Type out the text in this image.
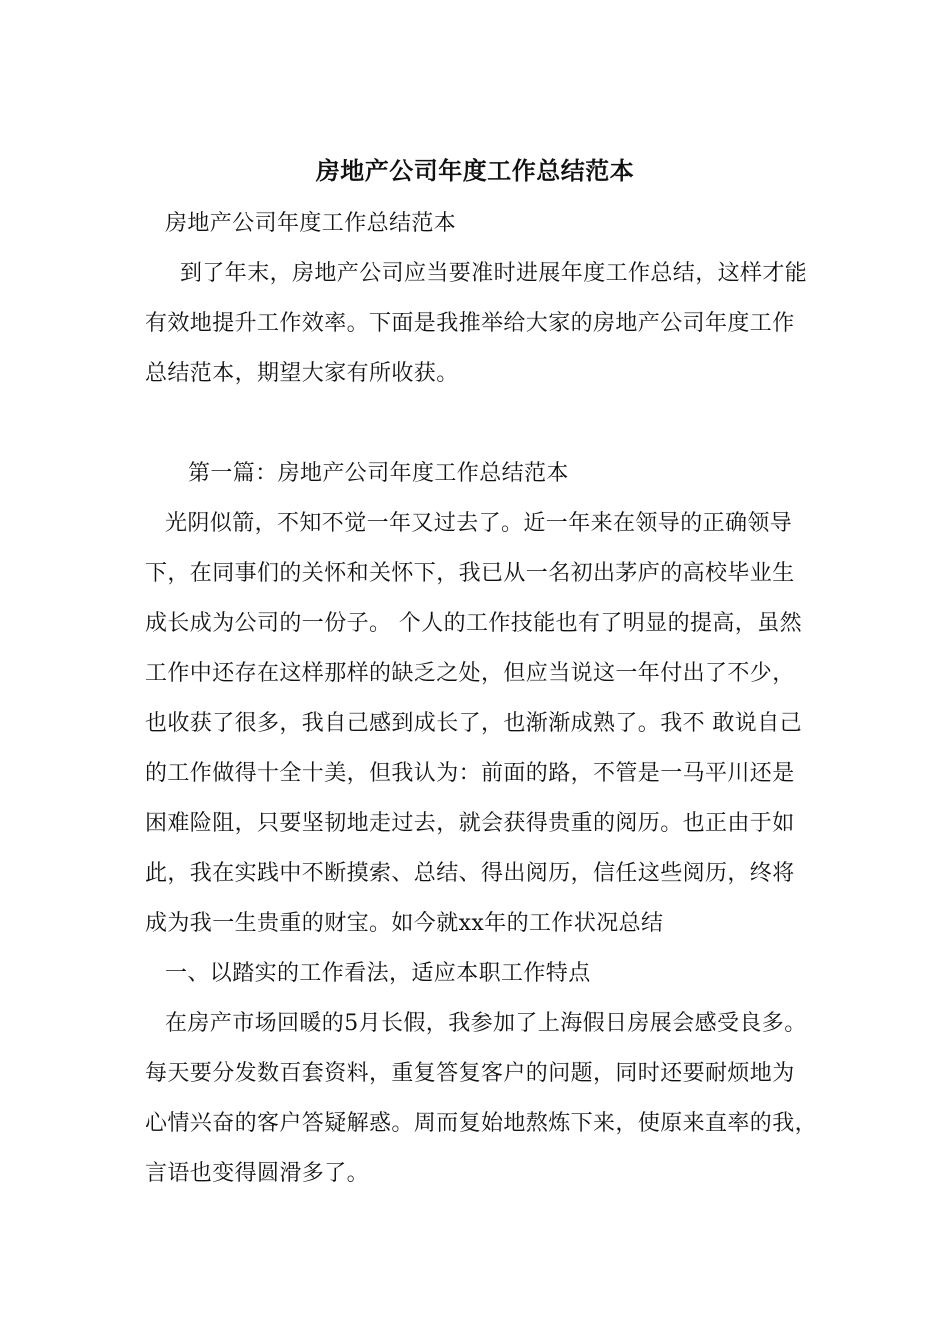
房地产公司年度工作总结范本
房地产公司年度工作总结范本
到了年末，房地产公司应当要准时进展年度工作总结，这样才能
有效地提升工作效率。下面是我推举给大家的房地产公司年度工作
总结范本，期望大家有所收获。
第一篇：房地产公司年度工作总结范本
光阴似箭，不知不觉一年又过去了。近一年来在领导的正确领导
下，在同事们的关怀和关怀下，我已从一名初出茅庐的高校毕业生
成长成为公司的一份子。 个人的工作技能也有了明显的提高，虽然
工作中还存在这样那样的缺乏之处，但应当说这一年付出了不少，
也收获了很多，我自己感到成长了，也渐渐成熟了。我不 敢说自己
的工作做得十全十美，但我认为：前面的路，不管是一马平川还是
困难险阻，只要坚韧地走过去，就会获得贵重的阅历。也正由于如
此，我在实践中不断摸索、总结、得出阅历，信任这些阅历，终将
成为我一生贵重的财宝。如今就xx年的工作状况总结
一、以踏实的工作看法，适应本职工作特点
在房产市场回暖的5月长假，我参加了上海假日房展会感受良多。
每天要分发数百套资料，重复答复客户的问题，同时还要耐烦地为
心情兴奋的客户答疑解惑。周而复始地熬炼下来，使原来直率的我，
言语也变得圆滑多了。
